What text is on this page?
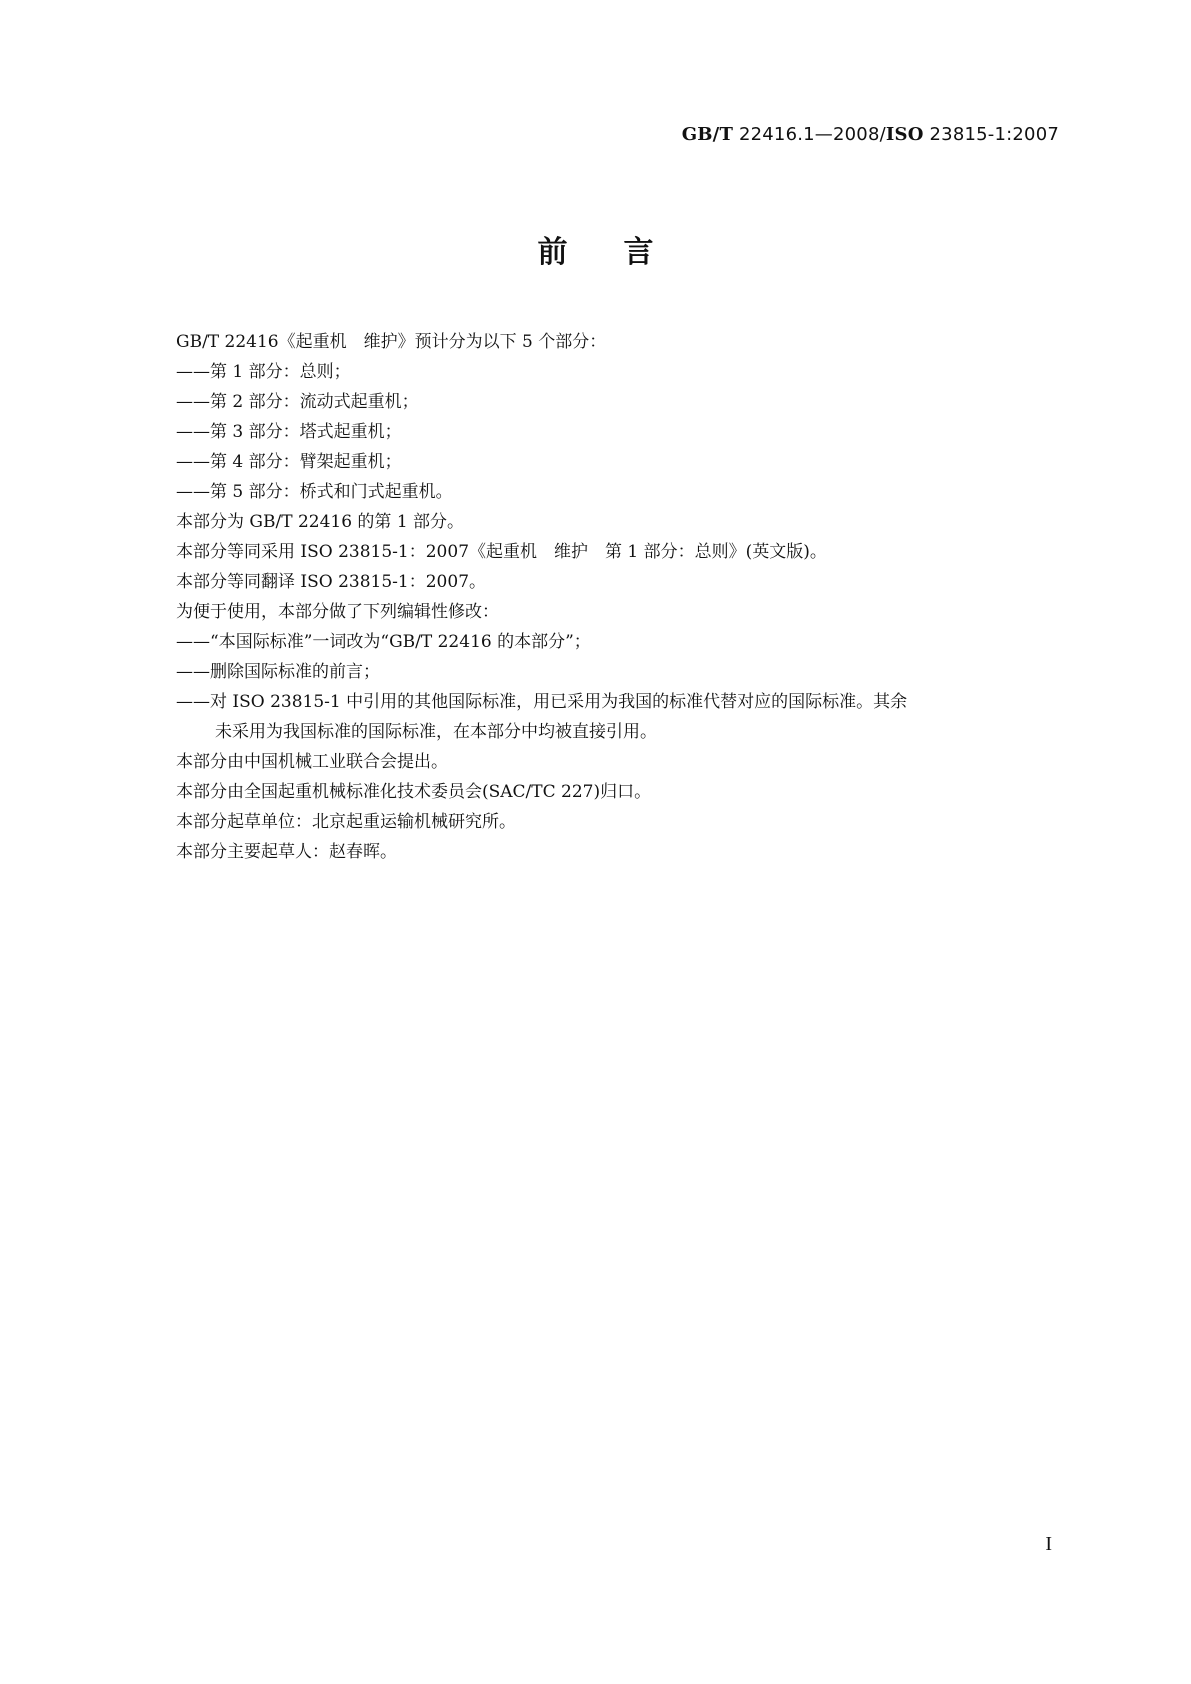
GB/T 22416.1—2008/ISO 23815-1:2007
前言
GB/T 22416《起重机　维护》预计分为以下 5 个部分：
——第 1 部分：总则；
——第 2 部分：流动式起重机；
——第 3 部分：塔式起重机；
——第 4 部分：臂架起重机；
——第 5 部分：桥式和门式起重机。
本部分为 GB/T 22416 的第 1 部分。
本部分等同采用 ISO 23815-1：2007《起重机　维护　第 1 部分：总则》(英文版)。
本部分等同翻译 ISO 23815-1：2007。
为便于使用，本部分做了下列编辑性修改：
——“本国际标准”一词改为“GB/T 22416 的本部分”；
——删除国际标准的前言；
——对 ISO 23815-1 中引用的其他国际标准，用已采用为我国的标准代替对应的国际标准。其余
未采用为我国标准的国际标准，在本部分中均被直接引用。
本部分由中国机械工业联合会提出。
本部分由全国起重机械标准化技术委员会(SAC/TC 227)归口。
本部分起草单位：北京起重运输机械研究所。
本部分主要起草人：赵春晖。
I
